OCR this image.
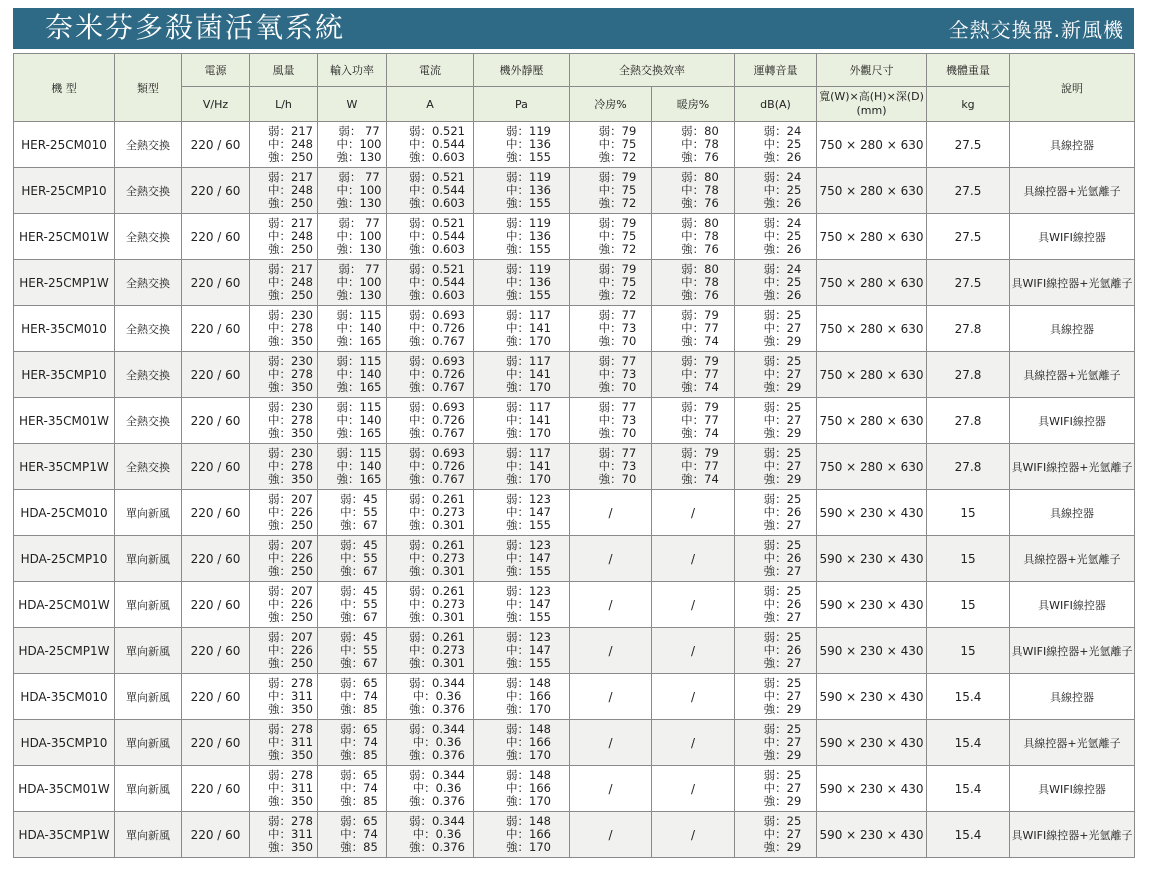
奈米芬多殺菌活氧系統	全熱交換器.新風機
機 型	類型	電源	風量	輸入功率	電流	機外靜壓	全熱交換效率		運轉音量	外觀尺寸	機體重量	說明
		V/Hz	L/h	W	A	Pa	冷房%	暖房%	dB(A)	寬(W)×高(H)×深(D)
(mm)	kg	
HER-25CM010	全熱交換	220 / 60	弱：217
中：248
強：250	弱： 77
中：100
強：130	弱：0.521
中：0.544
強：0.603	弱：119
中：136
強：155	弱：79
中：75
強：72	弱：80
中：78
強：76	弱：24
中：25
強：26	750 × 280 × 630	27.5	具線控器
HER-25CMP10	全熱交換	220 / 60	弱：217
中：248
強：250	弱： 77
中：100
強：130	弱：0.521
中：0.544
強：0.603	弱：119
中：136
強：155	弱：79
中：75
強：72	弱：80
中：78
強：76	弱：24
中：25
強：26	750 × 280 × 630	27.5	具線控器+光氫離子
HER-25CM01W	全熱交換	220 / 60	弱：217
中：248
強：250	弱： 77
中：100
強：130	弱：0.521
中：0.544
強：0.603	弱：119
中：136
強：155	弱：79
中：75
強：72	弱：80
中：78
強：76	弱：24
中：25
強：26	750 × 280 × 630	27.5	具WIFI線控器
HER-25CMP1W	全熱交換	220 / 60	弱：217
中：248
強：250	弱： 77
中：100
強：130	弱：0.521
中：0.544
強：0.603	弱：119
中：136
強：155	弱：79
中：75
強：72	弱：80
中：78
強：76	弱：24
中：25
強：26	750 × 280 × 630	27.5	具WIFI線控器+光氫離子
HER-35CM010	全熱交換	220 / 60	弱：230
中：278
強：350	弱：115
中：140
強：165	弱：0.693
中：0.726
強：0.767	弱：117
中：141
強：170	弱：77
中：73
強：70	弱：79
中：77
強：74	弱：25
中：27
強：29	750 × 280 × 630	27.8	具線控器
HER-35CMP10	全熱交換	220 / 60	弱：230
中：278
強：350	弱：115
中：140
強：165	弱：0.693
中：0.726
強：0.767	弱：117
中：141
強：170	弱：77
中：73
強：70	弱：79
中：77
強：74	弱：25
中：27
強：29	750 × 280 × 630	27.8	具線控器+光氫離子
HER-35CM01W	全熱交換	220 / 60	弱：230
中：278
強：350	弱：115
中：140
強：165	弱：0.693
中：0.726
強：0.767	弱：117
中：141
強：170	弱：77
中：73
強：70	弱：79
中：77
強：74	弱：25
中：27
強：29	750 × 280 × 630	27.8	具WIFI線控器
HER-35CMP1W	全熱交換	220 / 60	弱：230
中：278
強：350	弱：115
中：140
強：165	弱：0.693
中：0.726
強：0.767	弱：117
中：141
強：170	弱：77
中：73
強：70	弱：79
中：77
強：74	弱：25
中：27
強：29	750 × 280 × 630	27.8	具WIFI線控器+光氫離子
HDA-25CM010	單向新風	220 / 60	弱：207
中：226
強：250	弱：45
中：55
強：67	弱：0.261
中：0.273
強：0.301	弱：123
中：147
強：155	/	/	弱：25
中：26
強：27	590 × 230 × 430	15	具線控器
HDA-25CMP10	單向新風	220 / 60	弱：207
中：226
強：250	弱：45
中：55
強：67	弱：0.261
中：0.273
強：0.301	弱：123
中：147
強：155	/	/	弱：25
中：26
強：27	590 × 230 × 430	15	具線控器+光氫離子
HDA-25CM01W	單向新風	220 / 60	弱：207
中：226
強：250	弱：45
中：55
強：67	弱：0.261
中：0.273
強：0.301	弱：123
中：147
強：155	/	/	弱：25
中：26
強：27	590 × 230 × 430	15	具WIFI線控器
HDA-25CMP1W	單向新風	220 / 60	弱：207
中：226
強：250	弱：45
中：55
強：67	弱：0.261
中：0.273
強：0.301	弱：123
中：147
強：155	/	/	弱：25
中：26
強：27	590 × 230 × 430	15	具WIFI線控器+光氫離子
HDA-35CM010	單向新風	220 / 60	弱：278
中：311
強：350	弱：65
中：74
強：85	弱：0.344
中：0.36
強：0.376	弱：148
中：166
強：170	/	/	弱：25
中：27
強：29	590 × 230 × 430	15.4	具線控器
HDA-35CMP10	單向新風	220 / 60	弱：278
中：311
強：350	弱：65
中：74
強：85	弱：0.344
中：0.36
強：0.376	弱：148
中：166
強：170	/	/	弱：25
中：27
強：29	590 × 230 × 430	15.4	具線控器+光氫離子
HDA-35CM01W	單向新風	220 / 60	弱：278
中：311
強：350	弱：65
中：74
強：85	弱：0.344
中：0.36
強：0.376	弱：148
中：166
強：170	/	/	弱：25
中：27
強：29	590 × 230 × 430	15.4	具WIFI線控器
HDA-35CMP1W	單向新風	220 / 60	弱：278
中：311
強：350	弱：65
中：74
強：85	弱：0.344
中：0.36
強：0.376	弱：148
中：166
強：170	/	/	弱：25
中：27
強：29	590 × 230 × 430	15.4	具WIFI線控器+光氫離子
